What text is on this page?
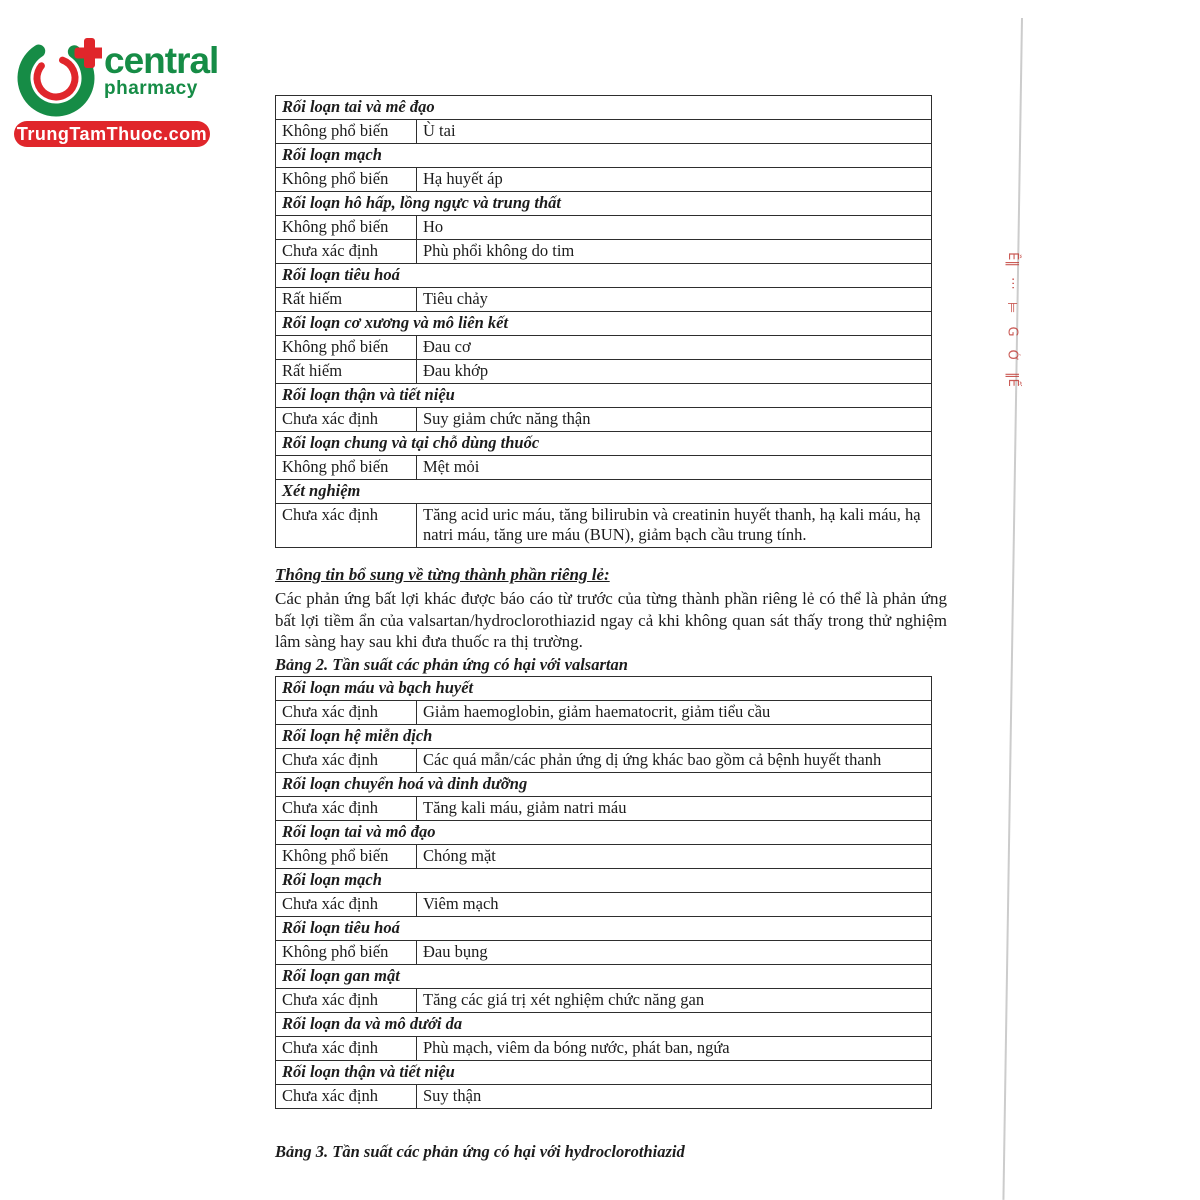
central
pharmacy
TrungTamThuoc.com
Rối loạn tai và mê đạo	
Không phổ biến	Ù tai
Rối loạn mạch	
Không phổ biến	Hạ huyết áp
Rối loạn hô hấp, lồng ngực và trung thất	
Không phổ biến	Ho
Chưa xác định	Phù phổi không do tim
Rối loạn tiêu hoá	
Rất hiếm	Tiêu chảy
Rối loạn cơ xương và mô liên kết	
Không phổ biến	Đau cơ
Rất hiếm	Đau khớp
Rối loạn thận và tiết niệu	
Chưa xác định	Suy giảm chức năng thận
Rối loạn chung và tại chỗ dùng thuốc	
Không phổ biến	Mệt mỏi
Xét nghiệm	
Chưa xác định	Tăng acid uric máu, tăng bilirubin và creatinin huyết thanh, hạ kali máu, hạ natri máu, tăng ure máu (BUN), giảm bạch cầu trung tính.
Thông tin bổ sung về từng thành phần riêng lẻ:
Các phản ứng bất lợi khác được báo cáo từ trước của từng thành phần riêng lẻ có thể là phản ứng bất lợi tiềm ẩn của valsartan/hydroclorothiazid ngay cả khi không quan sát thấy trong thử nghiệm lâm sàng hay sau khi đưa thuốc ra thị trường.
Bảng 2. Tần suất các phản ứng có hại với valsartan
Rối loạn máu và bạch huyết	
Chưa xác định	Giảm haemoglobin, giảm haematocrit, giảm tiểu cầu
Rối loạn hệ miễn dịch	
Chưa xác định	Các quá mẫn/các phản ứng dị ứng khác bao gồm cả bệnh huyết thanh
Rối loạn chuyển hoá và dinh dưỡng	
Chưa xác định	Tăng kali máu, giảm natri máu
Rối loạn tai và mô đạo	
Không phổ biến	Chóng mặt
Rối loạn mạch	
Chưa xác định	Viêm mạch
Rối loạn tiêu hoá	
Không phổ biến	Đau bụng
Rối loạn gan mật	
Chưa xác định	Tăng các giá trị xét nghiệm chức năng gan
Rối loạn da và mô dưới da	
Chưa xác định	Phù mạch, viêm da bóng nước, phát ban, ngứa
Rối loạn thận và tiết niệu	
Chưa xác định	Suy thận
Bảng 3. Tần suất các phản ứng có hại với hydroclorothiazid
Ễ‖
⋯
⊨
G
Ớ
‖Ế
